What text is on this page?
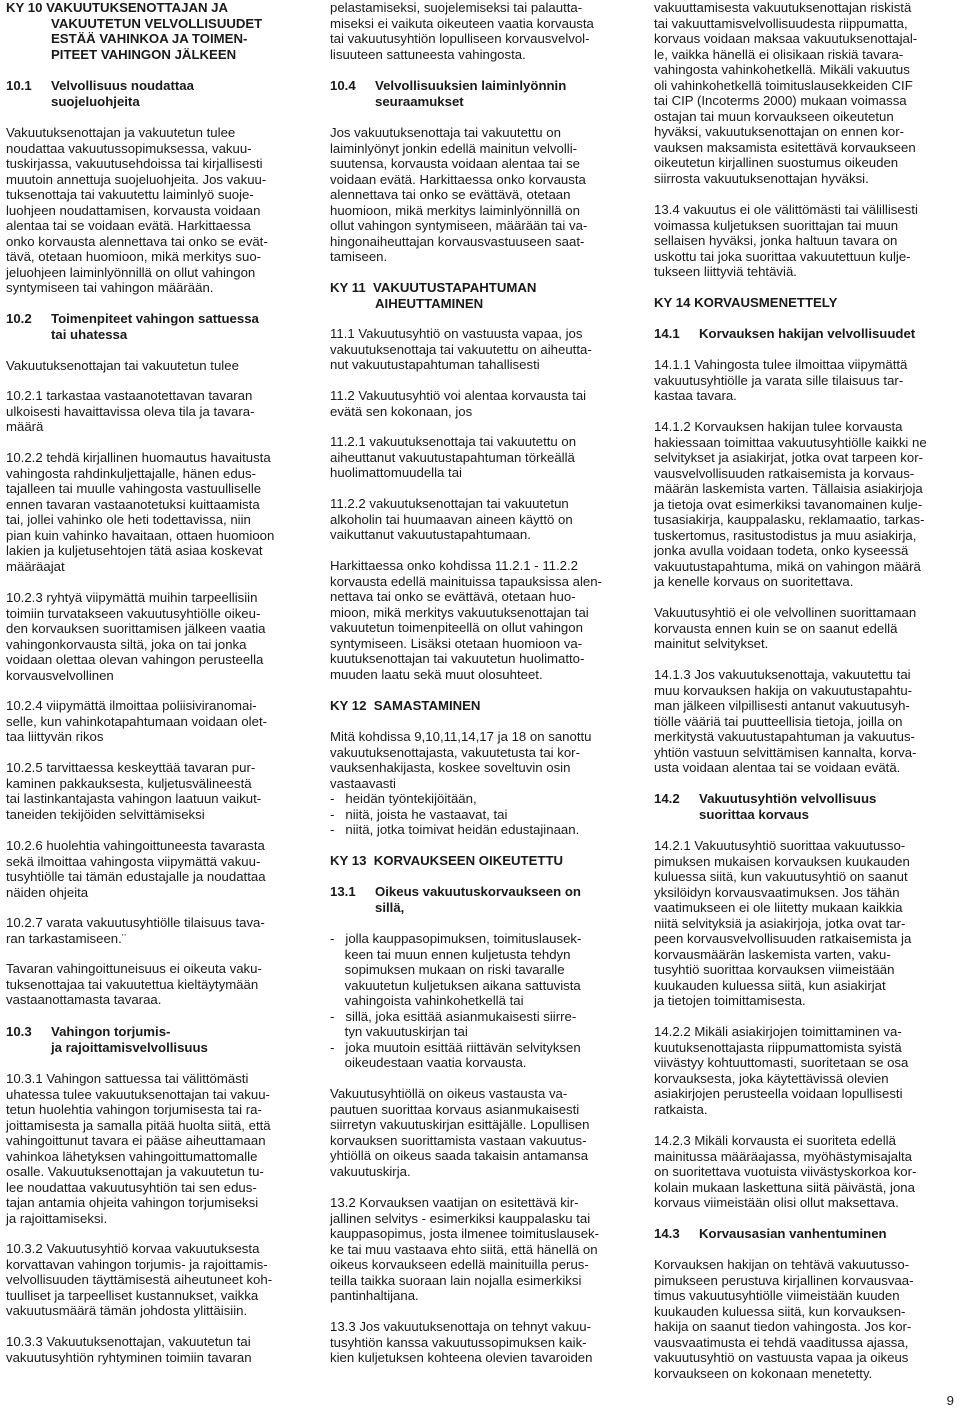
KY 10 VAKUUTUKSENOTTAJAN JA
VAKUUTETUN VELVOLLISUUDET
ESTÄÄ VAHINKOA JA TOIMEN-
PITEET VAHINGON JÄLKEEN
10.1	Velvollisuus noudattaa
suojeluohjeita
Vakuutuksenottajan ja vakuutetun tulee
noudattaa vakuutussopimuksessa, vakuu-
tuskirjassa, vakuutusehdoissa tai kirjallisesti
muutoin annettuja suojeluohjeita. Jos vakuu-
tuksenottaja tai vakuutettu laiminlyö suoje-
luohjeen noudattamisen, korvausta voidaan
alentaa tai se voidaan evätä. Harkittaessa
onko korvausta alennettava tai onko se evät-
tävä, otetaan huomioon, mikä merkitys suo-
jeluohjeen laiminlyönnillä on ollut vahingon
syntymiseen tai vahingon määrään.
10.2	Toimenpiteet vahingon sattuessa
tai uhatessa
Vakuutuksenottajan tai vakuutetun tulee
10.2.1 tarkastaa vastaanotettavan tavaran
ulkoisesti havaittavissa oleva tila ja tavara-
määrä
10.2.2 tehdä kirjallinen huomautus havaitusta
vahingosta rahdinkuljettajalle, hänen edus-
tajalleen tai muulle vahingosta vastuulliselle
ennen tavaran vastaanotetuksi kuittaamista
tai, jollei vahinko ole heti todettavissa, niin
pian kuin vahinko havaitaan, ottaen huomioon
lakien ja kuljetusehtojen tätä asiaa koskevat
määräajat
10.2.3 ryhtyä viipymättä muihin tarpeellisiin
toimiin turvatakseen vakuutusyhtiölle oikeu-
den korvauksen suorittamisen jälkeen vaatia
vahingonkorvausta siltä, joka on tai jonka
voidaan olettaa olevan vahingon perusteella
korvausvelvollinen
10.2.4 viipymättä ilmoittaa poliisiviranomai-
selle, kun vahinkotapahtumaan voidaan olet-
taa liittyvän rikos
10.2.5 tarvittaessa keskeyttää tavaran pur-
kaminen pakkauksesta, kuljetusvälineestä
tai lastinkantajasta vahingon laatuun vaikut-
taneiden tekijöiden selvittämiseksi
10.2.6 huolehtia vahingoittuneesta tavarasta
sekä ilmoittaa vahingosta viipymättä vakuu-
tusyhtiölle tai tämän edustajalle ja noudattaa
näiden ohjeita
10.2.7 varata vakuutusyhtiölle tilaisuus tava-
ran tarkastamiseen.¨
Tavaran vahingoittuneisuus ei oikeuta vaku-
tuksenottajaa tai vakuutettua kieltäytymään
vastaanottamasta tavaraa.
10.3	Vahingon torjumis-
ja rajoittamisvelvollisuus
10.3.1 Vahingon sattuessa tai välittömästi
uhatessa tulee vakuutuksenottajan tai vakuu-
tetun huolehtia vahingon torjumisesta tai ra-
joittamisesta ja samalla pitää huolta siitä, että
vahingoittunut tavara ei pääse aiheuttamaan
vahinkoa lähetyksen vahingoittumattomalle
osalle. Vakuutuksenottajan ja vakuutetun tu-
lee noudattaa vakuutusyhtiön tai sen edus-
tajan antamia ohjeita vahingon torjumiseksi
ja rajoittamiseksi.
10.3.2 Vakuutusyhtiö korvaa vakuutuksesta
korvattavan vahingon torjumis- ja rajoittamis-
velvollisuuden täyttämisestä aiheutuneet koh-
tuulliset ja tarpeelliset kustannukset, vaikka
vakuutusmäärä tämän johdosta ylittäisiin.
10.3.3 Vakuutuksenottajan, vakuutetun tai
vakuutusyhtiön ryhtyminen toimiin tavaran
pelastamiseksi, suojelemiseksi tai palautta-
miseksi ei vaikuta oikeuteen vaatia korvausta
tai vakuutusyhtiön lopulliseen korvausvelvol-
lisuuteen sattuneesta vahingosta.
10.4	Velvollisuuksien laiminlyönnin
seuraamukset
Jos vakuutuksenottaja tai vakuutettu on
laiminlyönyt jonkin edellä mainitun velvolli-
suutensa, korvausta voidaan alentaa tai se
voidaan evätä. Harkittaessa onko korvausta
alennettava tai onko se evättävä, otetaan
huomioon, mikä merkitys laiminlyönnillä on
ollut vahingon syntymiseen, määrään tai va-
hingonaiheuttajan korvausvastuuseen saat-
tamiseen.
KY 11  VAKUUTUSTAPAHTUMAN
AIHEUTTAMINEN
11.1 Vakuutusyhtiö on vastuusta vapaa, jos
vakuutuksenottaja tai vakuutettu on aiheutta-
nut vakuutustapahtuman tahallisesti
11.2 Vakuutusyhtiö voi alentaa korvausta tai
evätä sen kokonaan, jos
11.2.1 vakuutuksenottaja tai vakuutettu on
aiheuttanut vakuutustapahtuman törkeällä
huolimattomuudella tai
11.2.2 vakuutuksenottajan tai vakuutetun
alkoholin tai huumaavan aineen käyttö on
vaikuttanut vakuutustapahtumaan.
Harkittaessa onko kohdissa 11.2.1 - 11.2.2
korvausta edellä mainituissa tapauksissa alen-
nettava tai onko se evättävä, otetaan huo-
mioon, mikä merkitys vakuutuksenottajan tai
vakuutetun toimenpiteellä on ollut vahingon
syntymiseen. Lisäksi otetaan huomioon va-
kuutuksenottajan tai vakuutetun huolimatto-
muuden laatu sekä muut olosuhteet.
KY 12  SAMASTAMINEN
Mitä kohdissa 9,10,11,14,17 ja 18 on sanottu
vakuutuksenottajasta, vakuutetusta tai kor-
vauksenhakijasta, koskee soveltuvin osin
vastaavasti
-   heidän työntekijöitään,
-   niitä, joista he vastaavat, tai
-   niitä, jotka toimivat heidän edustajinaan.
KY 13  KORVAUKSEEN OIKEUTETTU
13.1	Oikeus vakuutuskorvaukseen on
sillä,
-   jolla kauppasopimuksen, toimituslausek-
keen tai muun ennen kuljetusta tehdyn
sopimuksen mukaan on riski tavaralle
vakuutetun kuljetuksen aikana sattuvista
vahingoista vahinkohetkellä tai
-   sillä, joka esittää asianmukaisesti siirre-
tyn vakuutuskirjan tai
-   joka muutoin esittää riittävän selvityksen
oikeudestaan vaatia korvausta.
Vakuutusyhtiöllä on oikeus vastausta va-
pautuen suorittaa korvaus asianmukaisesti
siirretyn vakuutuskirjan esittäjälle. Lopullisen
korvauksen suorittamista vastaan vakuutus-
yhtiöllä on oikeus saada takaisin antamansa
vakuutuskirja.
13.2 Korvauksen vaatijan on esitettävä kir-
jallinen selvitys - esimerkiksi kauppalasku tai
kauppasopimus, josta ilmenee toimituslausek-
ke tai muu vastaava ehto siitä, että hänellä on
oikeus korvaukseen edellä mainituilla perus-
teilla taikka suoraan lain nojalla esimerkiksi
pantinhaltijana.
13.3 Jos vakuutuksenottaja on tehnyt vakuu-
tusyhtiön kanssa vakuutussopimuksen kaik-
kien kuljetuksen kohteena olevien tavaroiden
vakuuttamisesta vakuutuksenottajan riskistä
tai vakuuttamisvelvollisuudesta riippumatta,
korvaus voidaan maksaa vakuutuksenottajal-
le, vaikka hänellä ei olisikaan riskiä tavara-
vahingosta vahinkohetkellä. Mikäli vakuutus
oli vahinkohetkellä toimituslausekkeiden CIF
tai CIP (Incoterms 2000) mukaan voimassa
ostajan tai muun korvaukseen oikeutetun
hyväksi, vakuutuksenottajan on ennen kor-
vauksen maksamista esitettävä korvaukseen
oikeutetun kirjallinen suostumus oikeuden
siirrosta vakuutuksenottajan hyväksi.
13.4 vakuutus ei ole välittömästi tai välillisesti
voimassa kuljetuksen suorittajan tai muun
sellaisen hyväksi, jonka haltuun tavara on
uskottu tai joka suorittaa vakuutettuun kulje-
tukseen liittyviä tehtäviä.
KY 14 KORVAUSMENETTELY
14.1	Korvauksen hakijan velvollisuudet
14.1.1 Vahingosta tulee ilmoittaa viipymättä
vakuutusyhtiölle ja varata sille tilaisuus tar-
kastaa tavara.
14.1.2 Korvauksen hakijan tulee korvausta
hakiessaan toimittaa vakuutusyhtiölle kaikki ne
selvitykset ja asiakirjat, jotka ovat tarpeen kor-
vausvelvollisuuden ratkaisemista ja korvaus-
määrän laskemista varten. Tällaisia asiakirjoja
ja tietoja ovat esimerkiksi tavanomainen kulje-
tusasiakirja, kauppalasku, reklamaatio, tarkas-
tuskertomus, rasitustodistus ja muu asiakirja,
jonka avulla voidaan todeta, onko kyseessä
vakuutustapahtuma, mikä on vahingon määrä
ja kenelle korvaus on suoritettava.
Vakuutusyhtiö ei ole velvollinen suorittamaan
korvausta ennen kuin se on saanut edellä
mainitut selvitykset.
14.1.3 Jos vakuutuksenottaja, vakuutettu tai
muu korvauksen hakija on vakuutustapahtu-
man jälkeen vilpillisesti antanut vakuutusyh-
tiölle vääriä tai puutteellisia tietoja, joilla on
merkitystä vakuutustapahtuman ja vakuutus-
yhtiön vastuun selvittämisen kannalta, korva-
usta voidaan alentaa tai se voidaan evätä.
14.2	Vakuutusyhtiön velvollisuus
suorittaa korvaus
14.2.1 Vakuutusyhtiö suorittaa vakuutusso-
pimuksen mukaisen korvauksen kuukauden
kuluessa siitä, kun vakuutusyhtiö on saanut
yksilöidyn korvausvaatimuksen. Jos tähän
vaatimukseen ei ole liitetty mukaan kaikkia
niitä selvityksiä ja asiakirjoja, jotka ovat tar-
peen korvausvelvollisuuden ratkaisemista ja
korvausmäärän laskemista varten, vaku-
tusyhtiö suorittaa korvauksen viimeistään
kuukauden kuluessa siitä, kun asiakirjat
ja tietojen toimittamisesta.
14.2.2 Mikäli asiakirjojen toimittaminen va-
kuutuksenottajasta riippumattomista syistä
viivästyy kohtuuttomasti, suoritetaan se osa
korvauksesta, joka käytettävissä olevien
asiakirjojen perusteella voidaan lopullisesti
ratkaista.
14.2.3 Mikäli korvausta ei suoriteta edellä
mainitussa määräajassa, myöhästymisajalta
on suoritettava vuotuista viivästyskorkoa kor-
kolain mukaan laskettuna siitä päivästä, jona
korvaus viimeistään olisi ollut maksettava.
14.3	Korvausasian vanhentuminen
Korvauksen hakijan on tehtävä vakuutusso-
pimukseen perustuva kirjallinen korvausvaa-
timus vakuutusyhtiölle viimeistään kuuden
kuukauden kuluessa siitä, kun korvauksen-
hakija on saanut tiedon vahingosta. Jos kor-
vausvaatimusta ei tehdä vaaditussa ajassa,
vakuutusyhtiö on vastuusta vapaa ja oikeus
korvaukseen on kokonaan menetetty.
9
